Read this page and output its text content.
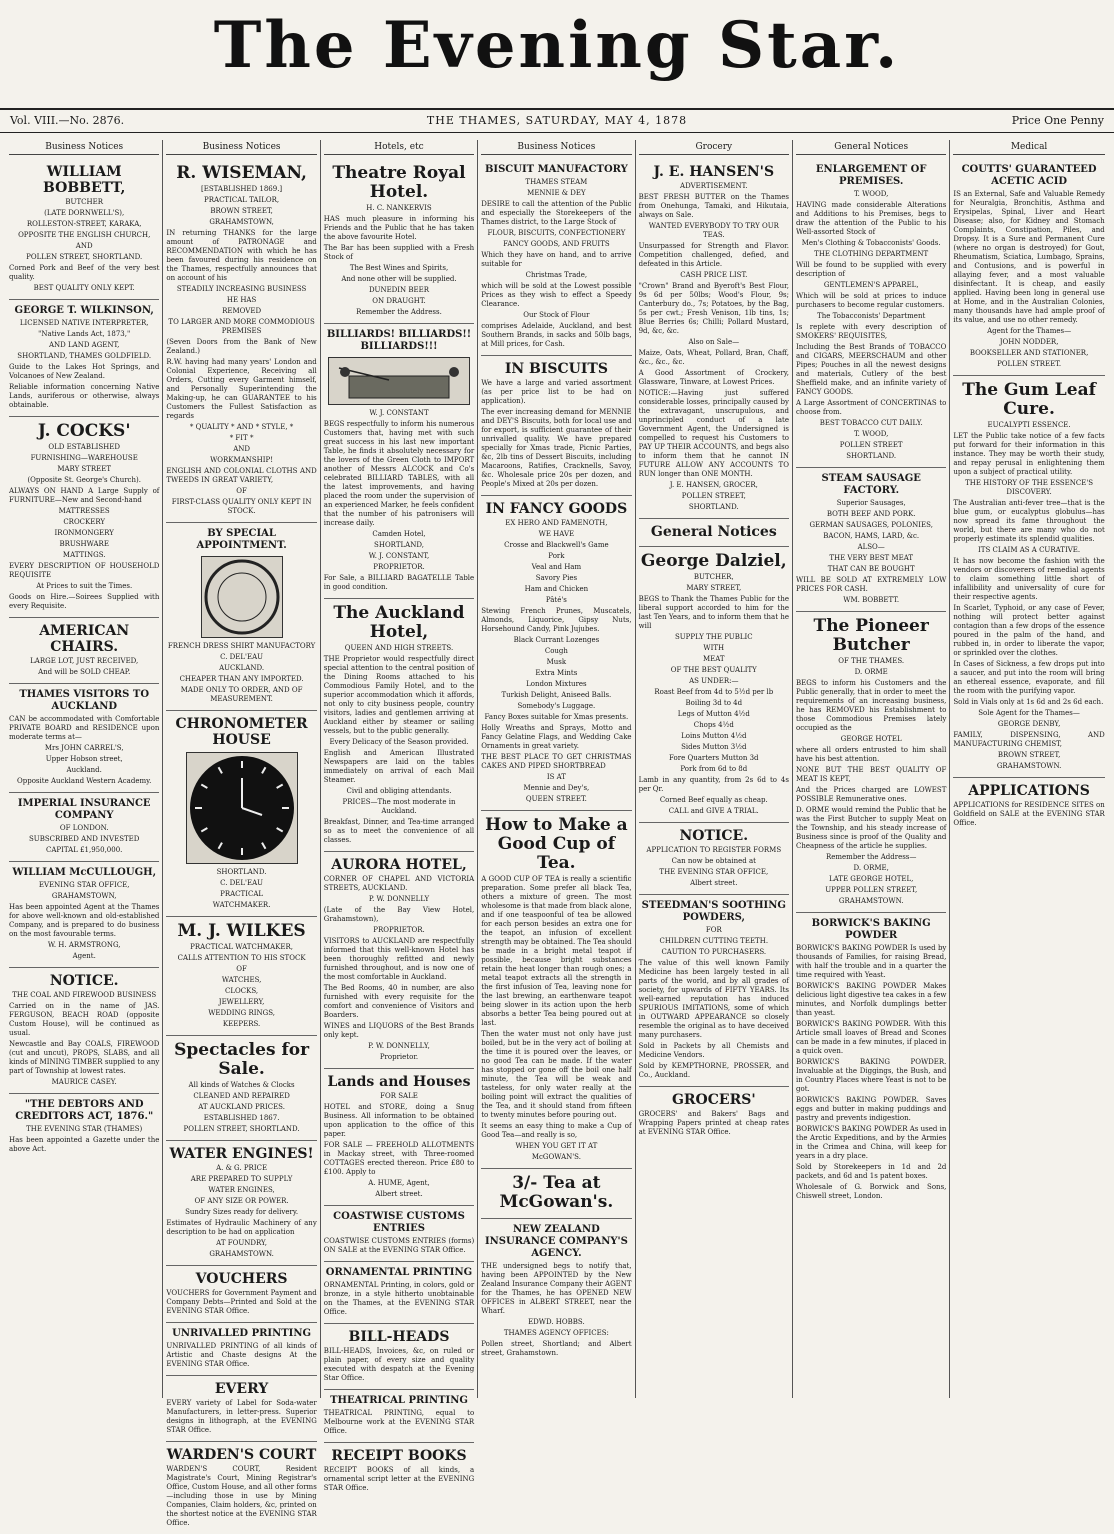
The Evening Star.
Vol. VIII.—No. 2876.	THE THAMES, SATURDAY, MAY 4, 1878	Price One Penny
Business Notices
WILLIAM BOBBETT,

BUTCHER

(LATE DORNWELL'S),

ROLLESTON-STREET, KARAKA,

OPPOSITE THE ENGLISH CHURCH,

AND

POLLEN STREET, SHORTLAND.

Corned Pork and Beef of the very best quality.

BEST QUALITY ONLY KEPT.

GEORGE T. WILKINSON,

LICENSED NATIVE INTERPRETER,

"Native Lands Act, 1873,"

AND LAND AGENT,

SHORTLAND, THAMES GOLDFIELD.

Guide to the Lakes Hot Springs, and Volcanoes of New Zealand.

Reliable information concerning Native Lands, auriferous or otherwise, always obtainable.

J. COCKS'

OLD ESTABLISHED

FURNISHING—WAREHOUSE

MARY STREET

(Opposite St. George's Church).

ALWAYS ON HAND A Large Supply of FURNITURE—New and Second-hand

MATTRESSES

CROCKERY

IRONMONGERY

BRUSHWARE

MATTINGS.

EVERY DESCRIPTION OF HOUSEHOLD REQUISITE

At Prices to suit the Times.

Goods on Hire.—Soirees Supplied with every Requisite.

AMERICAN CHAIRS.

LARGE LOT, JUST RECEIVED,

And will be SOLD CHEAP.

THAMES VISITORS TO AUCKLAND

CAN be accommodated with Comfortable PRIVATE BOARD and RESIDENCE upon moderate terms at—

Mrs JOHN CARREL'S,

Upper Hobson street,

Auckland.

Opposite Auckland Western Academy.

IMPERIAL INSURANCE COMPANY

OF LONDON.

SUBSCRIBED AND INVESTED

CAPITAL £1,950,000.

WILLIAM McCULLOUGH,

EVENING STAR OFFICE,

GRAHAMSTOWN,

Has been appointed Agent at the Thames for above well-known and old-established Company, and is prepared to do business on the most favourable terms.

W. H. ARMSTRONG,

Agent.

NOTICE.

THE COAL AND FIREWOOD BUSINESS

Carried on in the name of JAS. FERGUSON, BEACH ROAD (opposite Custom House), will be continued as usual.

Newcastle and Bay COALS, FIREWOOD (cut and uncut), PROPS, SLABS, and all kinds of MINING TIMBER supplied to any part of Township at lowest rates.

MAURICE CASEY.

"THE DEBTORS AND CREDITORS ACT, 1876."

THE EVENING STAR (THAMES)

Has been appointed a Gazette under the above Act.

Business Notices
R. WISEMAN,

[ESTABLISHED 1869.]

PRACTICAL TAILOR,

BROWN STREET,

GRAHAMSTOWN,

IN returning THANKS for the large amount of PATRONAGE and RECOMMENDATION with which he has been favoured during his residence on the Thames, respectfully announces that on account of his

STEADILY INCREASING BUSINESS

HE HAS

REMOVED

TO LARGER AND MORE COMMODIOUS PREMISES

(Seven Doors from the Bank of New Zealand.)

R.W. having had many years' London and Colonial Experience, Receiving all Orders, Cutting every Garment himself, and Personally Superintending the Making-up, he can GUARANTEE to his Customers the Fullest Satisfaction as regards

* QUALITY * AND * STYLE, *

* FIT *

AND

WORKMANSHIP!

ENGLISH AND COLONIAL CLOTHS AND TWEEDS IN GREAT VARIETY,

OF

FIRST-CLASS QUALITY ONLY KEPT IN STOCK.

BY SPECIAL APPOINTMENT.

FRENCH DRESS SHIRT MANUFACTORY

C. DEL'EAU

AUCKLAND.

CHEAPER THAN ANY IMPORTED.

MADE ONLY TO ORDER, AND OF MEASUREMENT.

CHRONOMETER HOUSE

SHORTLAND.

C. DEL'EAU

PRACTICAL

WATCHMAKER.

M. J. WILKES

PRACTICAL WATCHMAKER,

CALLS ATTENTION TO HIS STOCK

OF

WATCHES,

CLOCKS,

JEWELLERY,

WEDDING RINGS,

KEEPERS.

Spectacles for Sale.

All kinds of Watches & Clocks

CLEANED AND REPAIRED

AT AUCKLAND PRICES.

ESTABLISHED 1867.

POLLEN STREET, SHORTLAND.

WATER ENGINES!

A. & G. PRICE

ARE PREPARED TO SUPPLY

WATER ENGINES,

OF ANY SIZE OR POWER.

Sundry Sizes ready for delivery.

Estimates of Hydraulic Machinery of any description to be had on application

AT FOUNDRY,

GRAHAMSTOWN.

VOUCHERS

VOUCHERS for Government Payment and Company Debts—Printed and Sold at the EVENING STAR Office.

UNRIVALLED PRINTING

UNRIVALLED PRINTING of all kinds of Artistic and Chaste designs At the EVENING STAR Office.

EVERY

EVERY variety of Label for Soda-water Manufacturers, in letter-press. Superior designs in lithograph, at the EVENING STAR Office.

WARDEN'S COURT

WARDEN'S COURT, Resident Magistrate's Court, Mining Registrar's Office, Custom House, and all other forms—including those in use by Mining Companies, Claim holders, &c, printed on the shortest notice at the EVENING STAR Office.

Hotels, etc
Theatre Royal Hotel.

H. C. NANKERVIS

HAS much pleasure in informing his Friends and the Public that he has taken the above favourite Hotel.

The Bar has been supplied with a Fresh Stock of

The Best Wines and Spirits,

And none other will be supplied.

DUNEDIN BEER

ON DRAUGHT.

Remember the Address.

BILLIARDS! BILLIARDS!! BILLIARDS!!!

W. J. CONSTANT

BEGS respectfully to inform his numerous Customers that, having met with such great success in his last new important Table, he finds it absolutely necessary for the lovers of the Green Cloth to IMPORT another of Messrs ALCOCK and Co's celebrated BILLIARD TABLES, with all the latest improvements, and having placed the room under the supervision of an experienced Marker, he feels confident that the number of his patronisers will increase daily.

Camden Hotel,

SHORTLAND,

W. J. CONSTANT,

PROPRIETOR.

For Sale, a BILLIARD BAGATELLE Table in good condition.

The Auckland Hotel,

QUEEN AND HIGH STREETS.

THE Proprietor would respectfully direct special attention to the central position of the Dining Rooms attached to his Commodious Family Hotel, and to the superior accommodation which it affords, not only to city business people, country visitors, ladies and gentlemen arriving at Auckland either by steamer or sailing vessels, but to the public generally.

Every Delicacy of the Season provided.

English and American Illustrated Newspapers are laid on the tables immediately on arrival of each Mail Steamer.

Civil and obliging attendants.

PRICES—The most moderate in Auckland.

Breakfast, Dinner, and Tea-time arranged so as to meet the convenience of all classes.

AURORA HOTEL,

CORNER OF CHAPEL AND VICTORIA STREETS, AUCKLAND.

P. W. DONNELLY

(Late of the Bay View Hotel, Grahamstown),

PROPRIETOR.

VISITORS to AUCKLAND are respectfully informed that this well-known Hotel has been thoroughly refitted and newly furnished throughout, and is now one of the most comfortable in Auckland.

The Bed Rooms, 40 in number, are also furnished with every requisite for the comfort and convenience of Visitors and Boarders.

WINES and LIQUORS of the Best Brands only kept.

P. W. DONNELLY,

Proprietor.

Lands and Houses

FOR SALE

HOTEL and STORE, doing a Snug Business. All information to be obtained upon application to the office of this paper.

FOR SALE — FREEHOLD ALLOTMENTS in Mackay street, with Three-roomed COTTAGES erected thereon. Price £80 to £100. Apply to

A. HUME, Agent,

Albert street.

COASTWISE CUSTOMS ENTRIES

COASTWISE CUSTOMS ENTRIES (forms) ON SALE at the EVENING STAR Office.

ORNAMENTAL PRINTING

ORNAMENTAL Printing, in colors, gold or bronze, in a style hitherto unobtainable on the Thames, at the EVENING STAR Office.

BILL-HEADS

BILL-HEADS, Invoices, &c, on ruled or plain paper, of every size and quality executed with despatch at the Evening Star Office.

THEATRICAL PRINTING

THEATRICAL PRINTING, equal to Melbourne work at the EVENING STAR Office.

RECEIPT BOOKS

RECEIPT BOOKS of all kinds, a ornamental script letter at the EVENING STAR Office.

Business Notices
BISCUIT MANUFACTORY

THAMES STEAM

MENNIE & DEY

DESIRE to call the attention of the Public and especially the Storekeepers of the Thames district, to the Large Stock of

FLOUR, BISCUITS, CONFECTIONERY

FANCY GOODS, AND FRUITS

Which they have on hand, and to arrive suitable for

Christmas Trade,

which will be sold at the Lowest possible Prices as they wish to effect a Speedy Clearance.

Our Stock of Flour

comprises Adelaide, Auckland, and best Southern Brands, in sacks and 50lb bags, at Mill prices, for Cash.

IN BISCUITS

We have a large and varied assortment (as per price list to be had on application).

The ever increasing demand for MENNIE and DEY'S Biscuits, both for local use and for export, is sufficient guarantee of their unrivalled quality. We have prepared specially for Xmas trade, Picnic Parties, &c, 2lb tins of Dessert Biscuits, including Macaroons, Ratifies, Cracknells, Savoy, &c. Wholesale price 20s per dozen, and People's Mixed at 20s per dozen.

IN FANCY GOODS

EX HERO AND FAMENOTH,

WE HAVE

Crosse and Blackwell's Game

Pork

Veal and Ham

Savory Pies

Ham and Chicken

Pâté's

Stewing French Prunes, Muscatels, Almonds, Liquorice, Gipsy Nuts, Horsehound Candy, Pink Jujubes.

Black Currant Lozenges

Cough

Musk

Extra Mints

London Mixtures

Turkish Delight, Aniseed Balls.

Somebody's Luggage.

Fancy Boxes suitable for Xmas presents.

Holly Wreaths and Sprays, Motto and Fancy Gelatine Flags, and Wedding Cake Ornaments in great variety.

THE BEST PLACE TO GET CHRISTMAS CAKES AND PIPED SHORTBREAD

IS AT

Mennie and Dey's,

QUEEN STREET.

How to Make a Good Cup of Tea.

A GOOD CUP OF TEA is really a scientific preparation. Some prefer all black Tea, others a mixture of green. The most wholesome is that made from black alone, and if one teaspoonful of tea be allowed for each person besides an extra one for the teapot, an infusion of excellent strength may be obtained. The Tea should be made in a bright metal teapot if possible, because bright substances retain the heat longer than rough ones; a metal teapot extracts all the strength in the first infusion of Tea, leaving none for the last brewing, an earthenware teapot being slower in its action upon the herb absorbs a better Tea being poured out at last.

Then the water must not only have just boiled, but be in the very act of boiling at the time it is poured over the leaves, or no good Tea can be made. If the water has stopped or gone off the boil one half minute, the Tea will be weak and tasteless, for only water really at the boiling point will extract the qualities of the Tea, and it should stand from fifteen to twenty minutes before pouring out.

It seems an easy thing to make a Cup of Good Tea—and really is so,

WHEN YOU GET IT AT

McGOWAN'S.

3/- Tea at McGowan's.
NEW ZEALAND INSURANCE COMPANY'S AGENCY.

THE undersigned begs to notify that, having been APPOINTED by the New Zealand Insurance Company their AGENT for the Thames, he has OPENED NEW OFFICES in ALBERT STREET, near the Wharf.

EDWD. HOBBS.

THAMES AGENCY OFFICES:

Pollen street, Shortland; and Albert street, Grahamstown.

Grocery
J. E. HANSEN'S

ADVERTISEMENT.

BEST FRESH BUTTER on the Thames from Onehunga, Tamaki, and Hikutaia, always on Sale.

WANTED EVERYBODY TO TRY OUR TEAS.

Unsurpassed for Strength and Flavor. Competition challenged, defied, and defeated in this Article.

CASH PRICE LIST.

"Crown" Brand and Byeroft's Best Flour, 9s 6d per 50lbs; Wood's Flour, 9s; Canterbury do., 7s; Potatoes, by the Bag, 5s per cwt.; Fresh Venison, 1lb tins, 1s; Blue Berries 6s; Chilli; Pollard Mustard, 9d, &c, &c.

Also on Sale—

Maize, Oats, Wheat, Pollard, Bran, Chaff, &c., &c., &c.

A Good Assortment of Crockery, Glassware, Tinware, at Lowest Prices.

NOTICE:—Having just suffered considerable losses, principally caused by the extravagant, unscrupulous, and unprincipled conduct of a late Government Agent, the Undersigned is compelled to request his Customers to PAY UP THEIR ACCOUNTS, and begs also to inform them that he cannot IN FUTURE ALLOW ANY ACCOUNTS TO RUN longer than ONE MONTH.

J. E. HANSEN, GROCER,

POLLEN STREET,

SHORTLAND.

General Notices
George Dalziel,

BUTCHER,

MARY STREET,

BEGS to Thank the Thames Public for the liberal support accorded to him for the last Ten Years, and to inform them that he will

SUPPLY THE PUBLIC

WITH

MEAT

OF THE BEST QUALITY

AS UNDER:—

Roast Beef from 4d to 5½d per lb

Boiling 3d to 4d

Legs of Mutton 4½d

Chops 4½d

Loins Mutton 4½d

Sides Mutton 3½d

Fore Quarters Mutton 3d

Pork from 6d to 8d

Lamb in any quantity, from 2s 6d to 4s per Qr.

Corned Beef equally as cheap.

CALL and GIVE A TRIAL.

NOTICE.

APPLICATION TO REGISTER FORMS

Can now be obtained at

THE EVENING STAR OFFICE,

Albert street.

STEEDMAN'S SOOTHING POWDERS,

FOR

CHILDREN CUTTING TEETH.

CAUTION TO PURCHASERS.

The value of this well known Family Medicine has been largely tested in all parts of the world, and by all grades of society, for upwards of FIFTY YEARS. Its well-earned reputation has induced SPURIOUS IMITATIONS, some of which in OUTWARD APPEARANCE so closely resemble the original as to have deceived many purchasers.

Sold in Packets by all Chemists and Medicine Vendors.

Sold by KEMPTHORNE, PROSSER, and Co., Auckland.

GROCERS'

GROCERS' and Bakers' Bags and Wrapping Papers printed at cheap rates at EVENING STAR Office.

General Notices
ENLARGEMENT OF PREMISES.

T. WOOD,

HAVING made considerable Alterations and Additions to his Premises, begs to draw the attention of the Public to his Well-assorted Stock of

Men's Clothing & Tobacconists' Goods.

THE CLOTHING DEPARTMENT

Will be found to be supplied with every description of

GENTLEMEN'S APPAREL,

Which will be sold at prices to induce purchasers to become regular customers.

The Tobacconists' Department

Is replete with every description of SMOKERS' REQUISITES,

Including the Best Brands of TOBACCO and CIGARS, MEERSCHAUM and other Pipes; Pouches in all the newest designs and materials, Cutlery of the best Sheffield make, and an infinite variety of FANCY GOODS.

A Large Assortment of CONCERTINAS to choose from.

BEST TOBACCO CUT DAILY.

T. WOOD,

POLLEN STREET

SHORTLAND.

STEAM SAUSAGE FACTORY.

Superior Sausages,

BOTH BEEF AND PORK.

GERMAN SAUSAGES, POLONIES,

BACON, HAMS, LARD, &c.

ALSO—

THE VERY BEST MEAT

THAT CAN BE BOUGHT

WILL BE SOLD AT EXTREMELY LOW PRICES FOR CASH.

WM. BOBBETT.

The Pioneer Butcher

OF THE THAMES.

D. ORME

BEGS to inform his Customers and the Public generally, that in order to meet the requirements of an increasing business, he has REMOVED his Establishment to those Commodious Premises lately occupied as the

GEORGE HOTEL

where all orders entrusted to him shall have his best attention.

NONE BUT THE BEST QUALITY OF MEAT IS KEPT,

And the Prices charged are LOWEST POSSIBLE Remunerative ones.

D. ORME would remind the Public that he was the First Butcher to supply Meat on the Township, and his steady increase of Business since is proof of the Quality and Cheapness of the article he supplies.

Remember the Address—

D. ORME,

LATE GEORGE HOTEL,

UPPER POLLEN STREET,

GRAHAMSTOWN.

BORWICK'S BAKING POWDER

BORWICK'S BAKING POWDER Is used by thousands of Families, for raising Bread, with half the trouble and in a quarter the time required with Yeast.

BORWICK'S BAKING POWDER Makes delicious light digestive tea cakes in a few minutes, and Norfolk dumplings better than yeast.

BORWICK'S BAKING POWDER. With this Article small loaves of Bread and Scones can be made in a few minutes, if placed in a quick oven.

BORWICK'S BAKING POWDER. Invaluable at the Diggings, the Bush, and in Country Places where Yeast is not to be got.

BORWICK'S BAKING POWDER. Saves eggs and butter in making puddings and pastry and prevents indigestion.

BORWICK'S BAKING POWDER As used in the Arctic Expeditions, and by the Armies in the Crimea and China, will keep for years in a dry place.

Sold by Storekeepers in 1d and 2d packets, and 6d and 1s patent boxes.

Wholesale of G. Borwick and Sons, Chiswell street, London.

Medical
COUTTS' GUARANTEED ACETIC ACID

IS an External, Safe and Valuable Remedy for Neuralgia, Bronchitis, Asthma and Erysipelas, Spinal, Liver and Heart Disease; also, for Kidney and Stomach Complaints, Constipation, Piles, and Dropsy. It is a Sure and Permanent Cure (where no organ is destroyed) for Gout, Rheumatism, Sciatica, Lumbago, Sprains, and Contusions, and is powerful in allaying fever, and a most valuable disinfectant. It is cheap, and easily applied. Having been long in general use at Home, and in the Australian Colonies, many thousands have had ample proof of its value, and use no other remedy.

Agent for the Thames—

JOHN NODDER,

BOOKSELLER AND STATIONER,

POLLEN STREET.

The Gum Leaf Cure.

EUCALYPTI ESSENCE.

LET the Public take notice of a few facts put forward for their information in this instance. They may be worth their study, and repay perusal in enlightening them upon a subject of practical utility.

THE HISTORY OF THE ESSENCE'S DISCOVERY.

The Australian anti-fever tree—that is the blue gum, or eucalyptus globulus—has now spread its fame throughout the world, but there are many who do not properly estimate its splendid qualities.

ITS CLAIM AS A CURATIVE.

It has now become the fashion with the vendors or discoverers of remedial agents to claim something little short of infallibility and universality of cure for their respective agents.

In Scarlet, Typhoid, or any case of Fever, nothing will protect better against contagion than a few drops of the essence poured in the palm of the hand, and rubbed in, in order to liberate the vapor, or sprinkled over the clothes.

In Cases of Sickness, a few drops put into a saucer, and put into the room will bring an ethereal essence, evaporate, and fill the room with the purifying vapor.

Sold in Vials only at 1s 6d and 2s 6d each.

Sole Agent for the Thames—

GEORGE DENBY,

FAMILY, DISPENSING, AND MANUFACTURING CHEMIST,

BROWN STREET,

GRAHAMSTOWN.

APPLICATIONS

APPLICATIONS for RESIDENCE SITES on Goldfield on SALE at the EVENING STAR Office.
